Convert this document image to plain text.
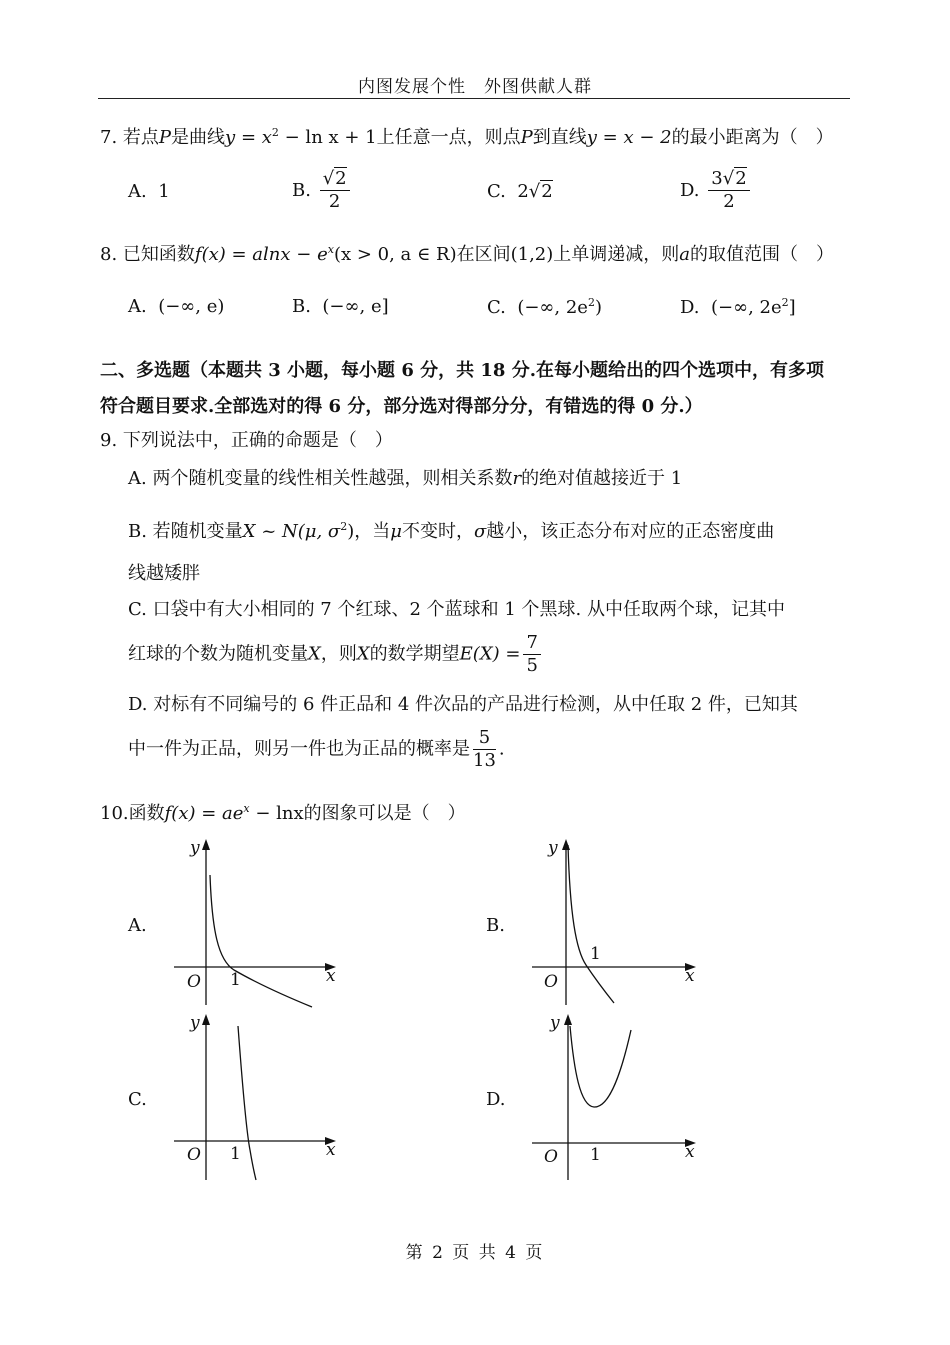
内图发展个性　外图供献人群
7. 若点P是曲线$y = x^2 - \ln x + 1$上任意一点，则点P到直线y = x − 2的最小距离为（　）
A. 1	B. $\frac{√2}{2}$	C. 2√2	D. $\frac{3√2}{2}$
8. 已知函数$f(x) = alnx - e^x(x > 0$, a ∈ R)在区间(1,2)上单调递减，则a的取值范围（　）
A. (−∞, e)	B. (−∞, e]	C. (−∞, $2e^2$)	D. (−∞, $2e^2$]
二、多选题（本题共 3 小题，每小题 6 分，共 18 分.在每小题给出的四个选项中，有多项
符合题目要求.全部选对的得 6 分，部分选对得部分分，有错选的得 0 分.）
9. 下列说法中，正确的命题是（　）
A. 两个随机变量的线性相关性越强，则相关系数r的绝对值越接近于 1
B. 若随机变量X ~ N(μ, $\sigma^2$)，当μ不变时，σ越小，该正态分布对应的正态密度曲
线越矮胖
C. 口袋中有大小相同的 7 个红球、2 个蓝球和 1 个黑球. 从中任取两个球，记其中
红球的个数为随机变量X，则X的数学期望$E(X) = \frac{7}{5}$
D. 对标有不同编号的 6 件正品和 4 件次品的产品进行检测，从中任取 2 件，已知其
中一件为正品，则另一件也为正品的概率是 $\frac{5}{13}$ .
10.函数$f(x) = ae^x - \ln x$的图象可以是（　）
A.	B.
C.	D.
y
x
O 1
y
x
O
1
y
x
O 1
y
x
O 1
第 2 页 共 4 页
